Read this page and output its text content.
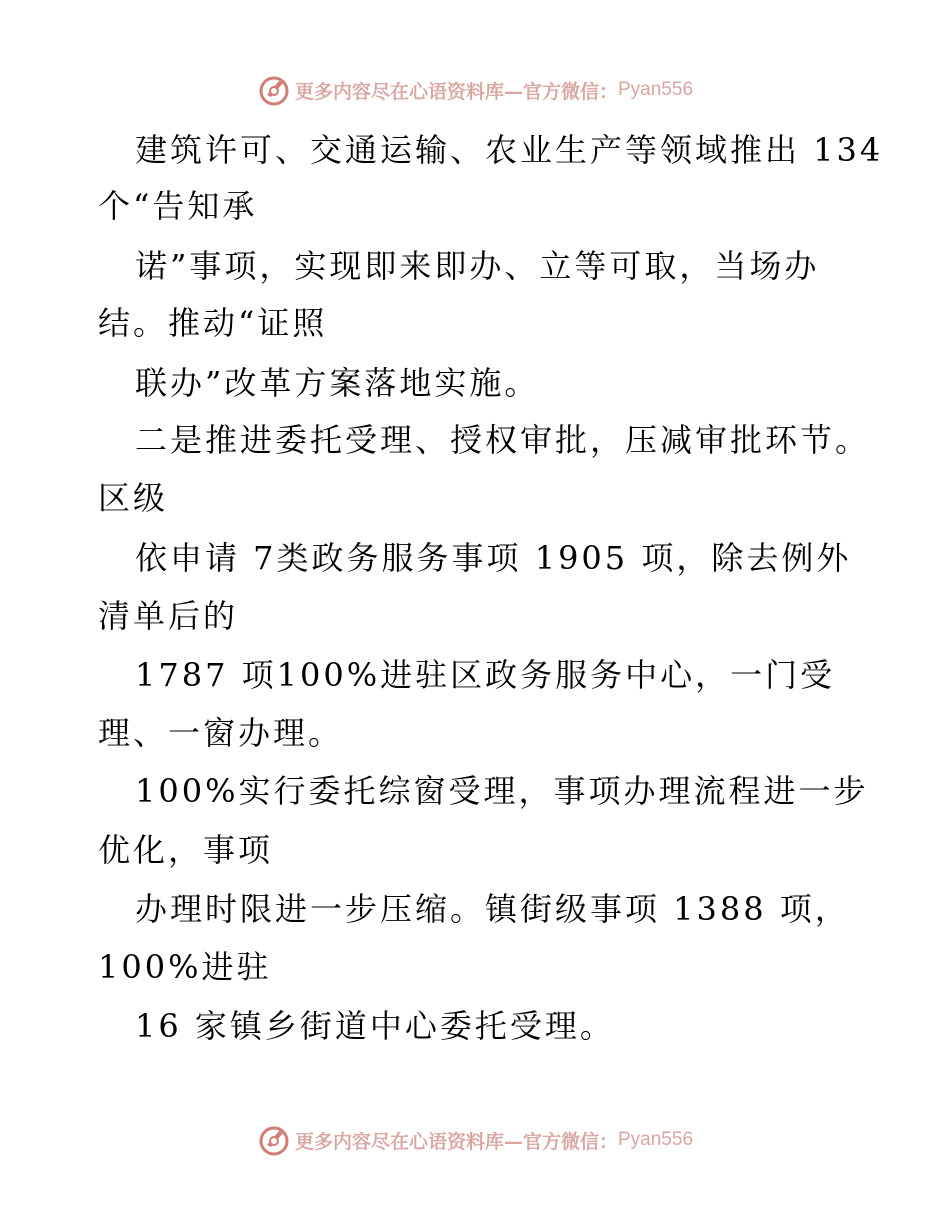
更多内容尽在心语资料库—官方微信： Pyan556
建筑许可、交通运输、农业生产等领域推出 134
个“告知承
诺”事项，实现即来即办、立等可取，当场办
结。推动“证照
联办”改革方案落地实施。
二是推进委托受理、授权审批，压减审批环节。
区级
依申请 7类政务服务事项 1905 项，除去例外
清单后的
1787 项100%进驻区政务服务中心，一门受
理、一窗办理。
100%实行委托综窗受理，事项办理流程进一步
优化，事项
办理时限进一步压缩。镇街级事项 1388 项，
100%进驻
16 家镇乡街道中心委托受理。
更多内容尽在心语资料库—官方微信： Pyan556
